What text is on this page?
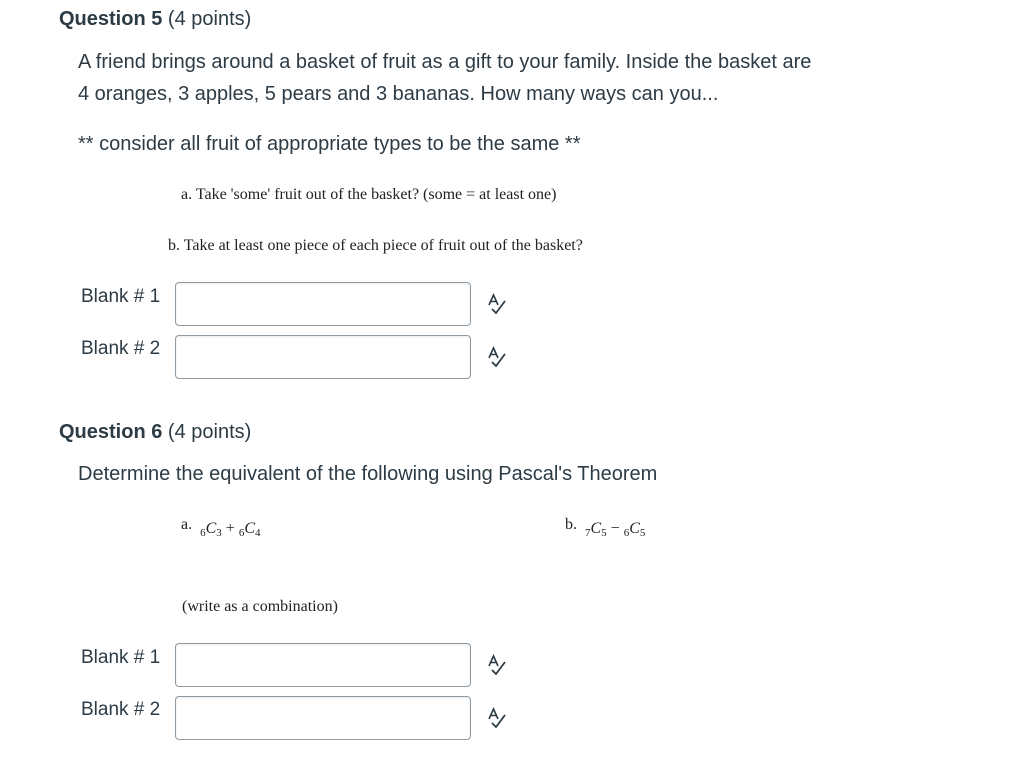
Question 5 (4 points)
A friend brings around a basket of fruit as a gift to your family. Inside the basket are
4 oranges, 3 apples, 5 pears and 3 bananas. How many ways can you...
** consider all fruit of appropriate types to be the same **
a. Take 'some' fruit out of the basket? (some = at least one)
b. Take at least one piece of each piece of fruit out of the basket?
Blank # 1
Blank # 2
Question 6 (4 points)
Determine the equivalent of the following using Pascal's Theorem
a. $6C_3 + 6C_4$	b. $7C_5 - 6C_5$
(write as a combination)
Blank # 1
Blank # 2
